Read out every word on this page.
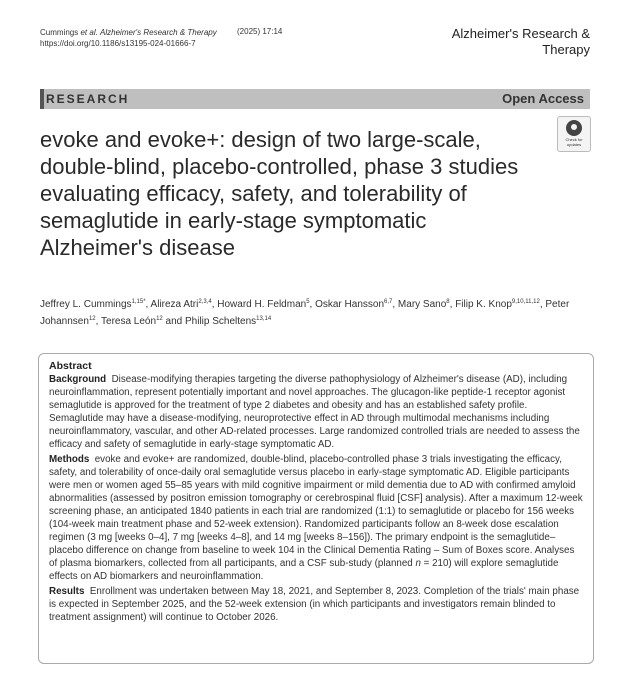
Cummings et al. Alzheimer's Research & Therapy
https://doi.org/10.1186/s13195-024-01666-7
(2025) 17:14	Alzheimer's Research & Therapy
RESEARCH	Open Access
Check for
updates
evoke and evoke+: design of two large-scale, double-blind, placebo-controlled, phase 3 studies evaluating efficacy, safety, and tolerability of semaglutide in early-stage symptomatic Alzheimer's disease
Jeffrey L. Cummings$^{1,15*}$, Alireza Atri$^{2,3,4}$, Howard H. Feldman$^5$, Oskar Hansson$^{6,7}$, Mary Sano$^8$, Filip K. Knop$^{9,10,11,12}$, Peter Johannsen$^{12}$, Teresa León$^{12}$ and Philip Scheltens$^{13,14}$
Abstract

Background Disease-modifying therapies targeting the diverse pathophysiology of Alzheimer's disease (AD), including neuroinflammation, represent potentially important and novel approaches. The glucagon-like peptide-1 receptor agonist semaglutide is approved for the treatment of type 2 diabetes and obesity and has an established safety profile. Semaglutide may have a disease-modifying, neuroprotective effect in AD through multimodal mechanisms including neuroinflammatory, vascular, and other AD-related processes. Large randomized controlled trials are needed to assess the efficacy and safety of semaglutide in early-stage symptomatic AD.

Methods evoke and evoke+ are randomized, double-blind, placebo-controlled phase 3 trials investigating the efficacy, safety, and tolerability of once-daily oral semaglutide versus placebo in early-stage symptomatic AD. Eligible participants were men or women aged 55–85 years with mild cognitive impairment or mild dementia due to AD with confirmed amyloid abnormalities (assessed by positron emission tomography or cerebrospinal fluid [CSF] analysis). After a maximum 12-week screening phase, an anticipated 1840 patients in each trial are randomized (1:1) to semaglutide or placebo for 156 weeks (104-week main treatment phase and 52-week extension). Randomized participants follow an 8-week dose escalation regimen (3 mg [weeks 0–4], 7 mg [weeks 4–8], and 14 mg [weeks 8–156]). The primary endpoint is the semaglutide–placebo difference on change from baseline to week 104 in the Clinical Dementia Rating – Sum of Boxes score. Analyses of plasma biomarkers, collected from all participants, and a CSF sub-study (planned n = 210) will explore semaglutide effects on AD biomarkers and neuroinflammation.

Results Enrollment was undertaken between May 18, 2021, and September 8, 2023. Completion of the trials' main phase is expected in September 2025, and the 52-week extension (in which participants and investigators remain blinded to treatment assignment) will continue to October 2026.
